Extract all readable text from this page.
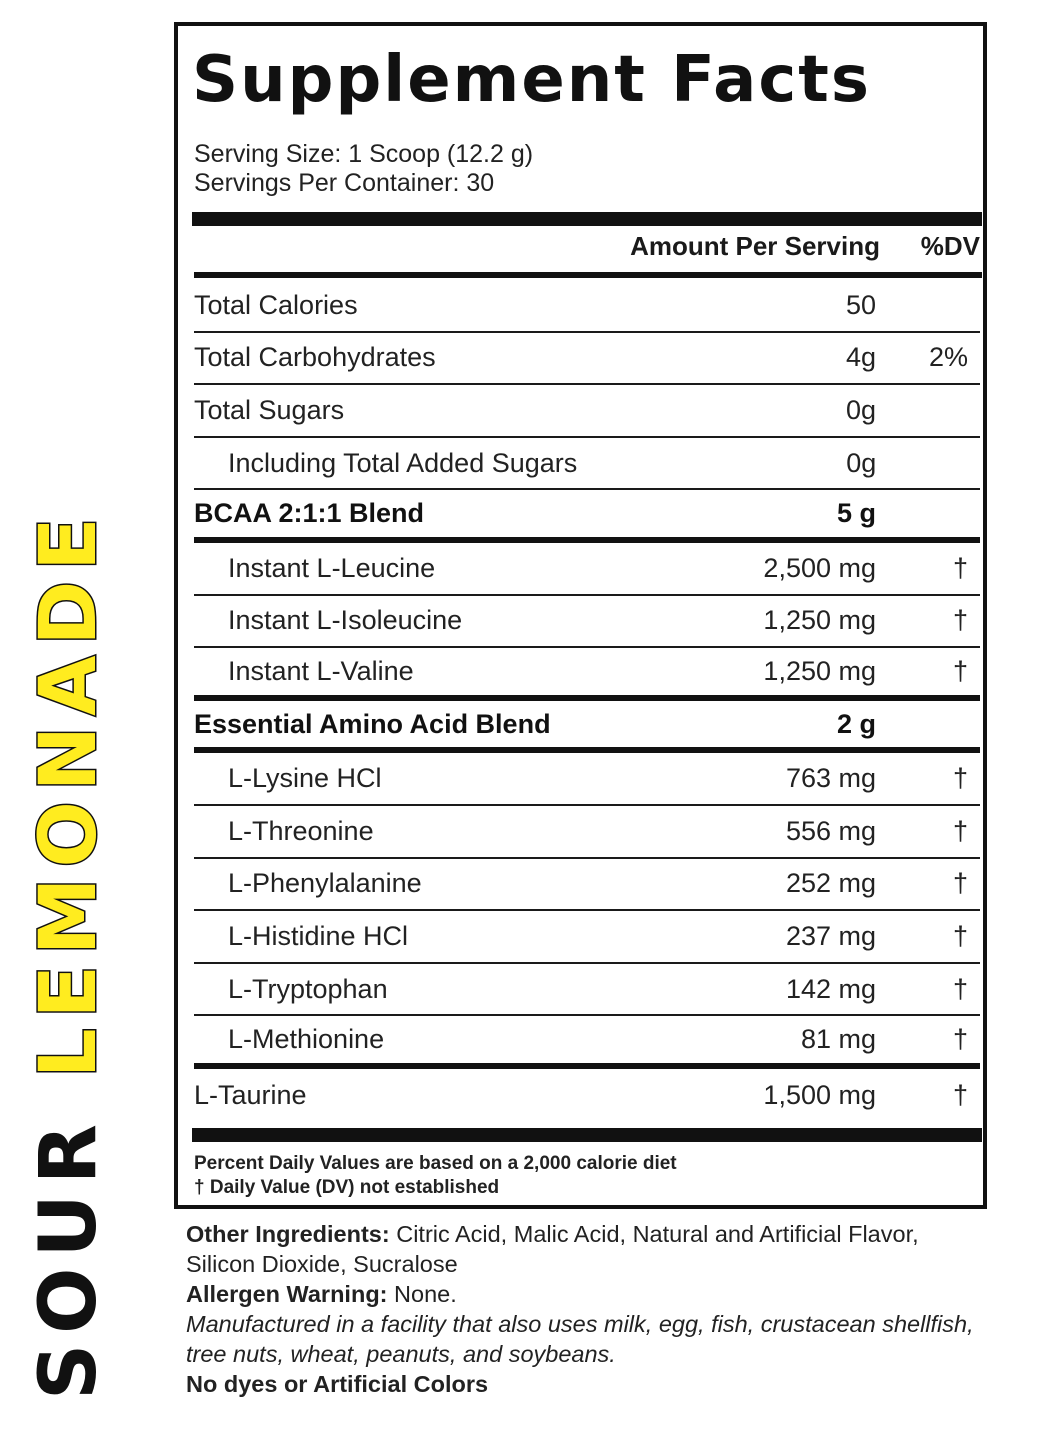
SOUR
LEMONADE
Supplement Facts
Serving Size: 1 Scoop (12.2 g)
Servings Per Container: 30
Amount Per Serving	%DV
Total Calories	50
Total Carbohydrates	4g	2%
Total Sugars	0g
Including Total Added Sugars	0g
BCAA 2:1:1 Blend	5 g
Instant L-Leucine	2,500 mg	†
Instant L-Isoleucine	1,250 mg	†
Instant L-Valine	1,250 mg	†
Essential Amino Acid Blend	2 g
L-Lysine HCl	763 mg	†
L-Threonine	556 mg	†
L-Phenylalanine	252 mg	†
L-Histidine HCl	237 mg	†
L-Tryptophan	142 mg	†
L-Methionine	81 mg	†
L-Taurine	1,500 mg	†
Percent Daily Values are based on a 2,000 calorie diet
† Daily Value (DV) not established

Other Ingredients: Citric Acid, Malic Acid, Natural and Artificial Flavor, Silicon Dioxide, Sucralose

Allergen Warning: None.

Manufactured in a facility that also uses milk, egg, fish, crustacean shellfish, tree nuts, wheat, peanuts, and soybeans.

No dyes or Artificial Colors
